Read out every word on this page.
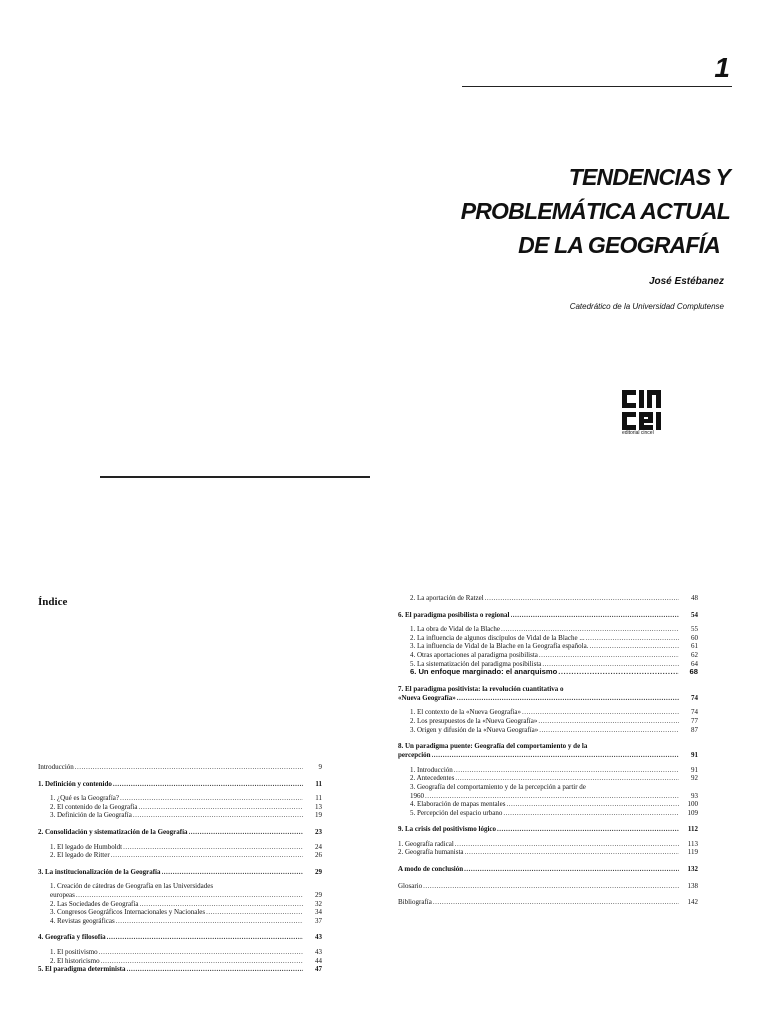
1
TENDENCIAS Y
PROBLEMÁTICA ACTUAL
DE LA GEOGRAFÍA
José Estébanez
Catedrático de la Universidad Complutense
editorial cincel
Índice
Introducción .....	9
1. Definición y contenido .....	11
1. ¿Qué es la Geografía? .....	11
2. El contenido de la Geografía .....	13
3. Definición de la Geografía .....	19
2. Consolidación y sistematización de la Geografía .....	23
1. El legado de Humboldt .....	24
2. El legado de Ritter .....	26
3. La institucionalización de la Geografía .....	29
1. Creación de cátedras de Geografía en las Universidades
europeas .....	29
2. Las Sociedades de Geografía .....	32
3. Congresos Geográficos Internacionales y Nacionales .....	34
4. Revistas geográficas .....	37
4. Geografía y filosofía .....	43
1. El positivismo .....	43
2. El historicismo .....	44
5. El paradigma determinista .....	47
2. La aportación de Ratzel .....	48
6. El paradigma posibilista o regional .....	54
1. La obra de Vidal de la Blache .....	55
2. La influencia de algunos discípulos de Vidal de la Blache ... .....	60
3. La influencia de Vidal de la Blache en la Geografía española. .....	61
4. Otras aportaciones al paradigma posibilista .....	62
5. La sistematización del paradigma posibilista .....	64
6. Un enfoque marginado: el anarquismo .....	68
7. El paradigma positivista: la revolución cuantitativa o
«Nueva Geografía» .....	74
1. El contexto de la «Nueva Geografía» .....	74
2. Los presupuestos de la «Nueva Geografía» .....	77
3. Origen y difusión de la «Nueva Geografía» .....	87
8. Un paradigma puente: Geografía del comportamiento y de la
percepción .....	91
1. Introducción .....	91
2. Antecedentes .....	92
3. Geografía del comportamiento y de la percepción a partir de
1960 .....	93
4. Elaboración de mapas mentales .....	100
5. Percepción del espacio urbano .....	109
9. La crisis del positivismo lógico .....	112
1. Geografía radical .....	113
2. Geografía humanista .....	119
A modo de conclusión .....	132
Glosario .....	138
Bibliografía .....	142
